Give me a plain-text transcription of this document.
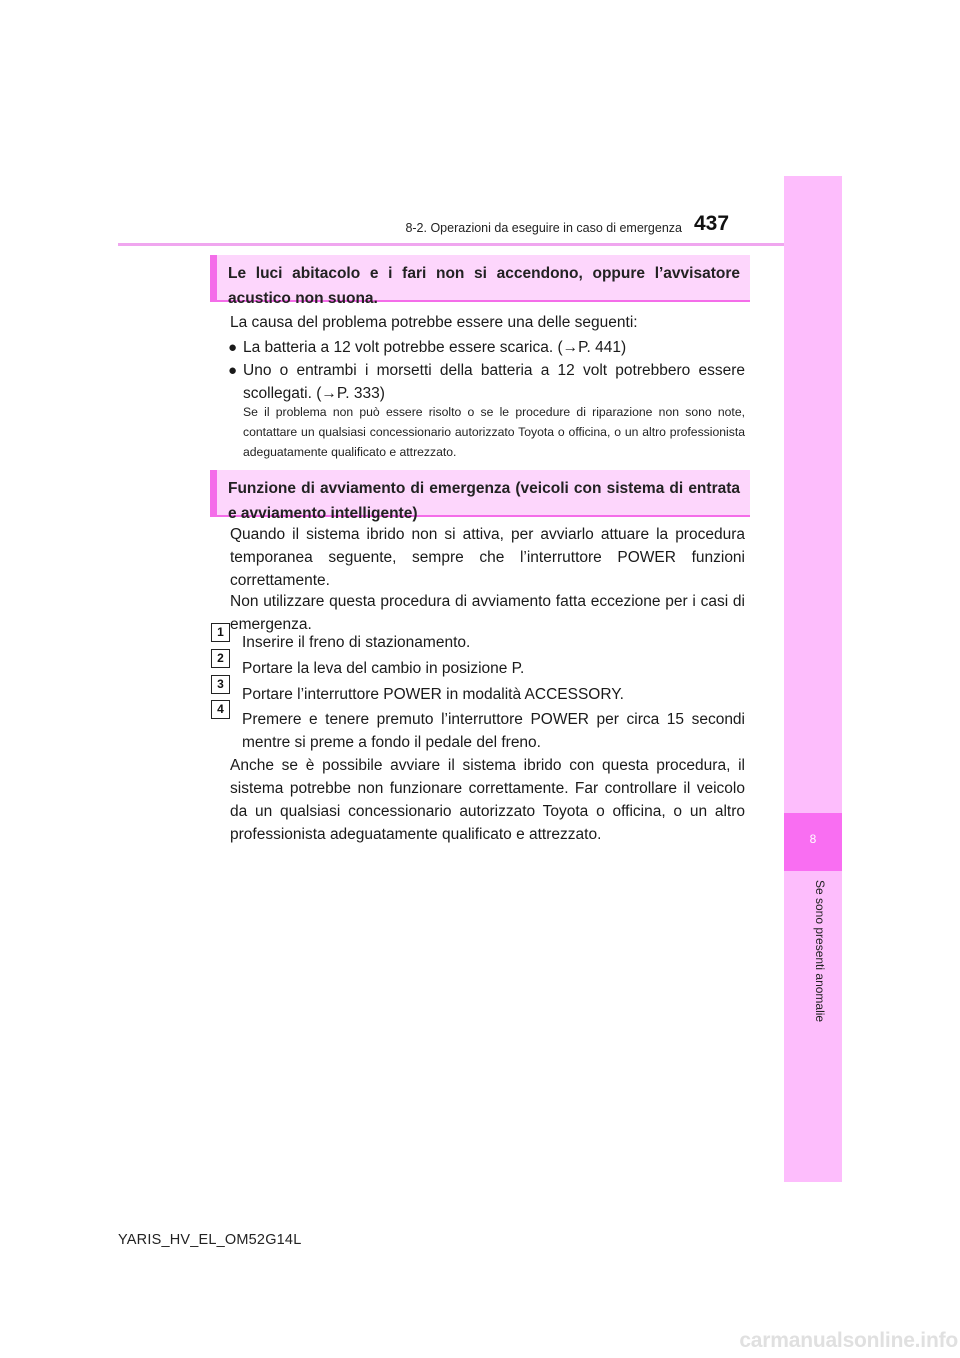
8-2. Operazioni da eseguire in caso di emergenza 437
8
Se sono presenti anomalie
Le luci abitacolo e i fari non si accendono, oppure l’avvisatore acustico non suona.
La causa del problema potrebbe essere una delle seguenti:
● La batteria a 12 volt potrebbe essere scarica. (→P. 441)
● Uno o entrambi i morsetti della batteria a 12 volt potrebbero essere scollegati. (→P. 333)
Se il problema non può essere risolto o se le procedure di riparazione non sono note, contattare un qualsiasi concessionario autorizzato Toyota o officina, o un altro professionista adeguatamente qualificato e attrezzato.
Funzione di avviamento di emergenza (veicoli con sistema di entrata e avviamento intelligente)
Quando il sistema ibrido non si attiva, per avviarlo attuare la procedura temporanea seguente, sempre che l’interruttore POWER funzioni correttamente.
Non utilizzare questa procedura di avviamento fatta eccezione per i casi di emergenza.
1
Inserire il freno di stazionamento.
2
Portare la leva del cambio in posizione P.
3
Portare l’interruttore POWER in modalità ACCESSORY.
4
Premere e tenere premuto l’interruttore POWER per circa 15 secondi mentre si preme a fondo il pedale del freno.
Anche se è possibile avviare il sistema ibrido con questa procedura, il sistema potrebbe non funzionare correttamente. Far controllare il veicolo da un qualsiasi concessionario autorizzato Toyota o officina, o un altro professionista adeguatamente qualificato e attrezzato.
YARIS_HV_EL_OM52G14L
carmanualsonline.info
